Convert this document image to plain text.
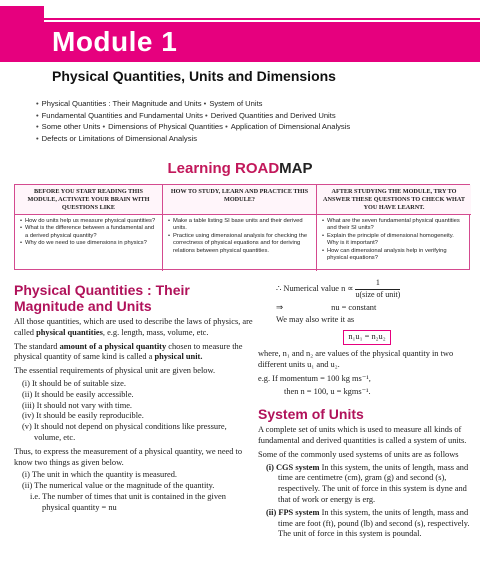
Module 1
Physical Quantities, Units and Dimensions
• Physical Quantities : Their Magnitude and Units • System of Units
• Fundamental Quantities and Fundamental Units • Derived Quantities and Derived Units
• Some other Units • Dimensions of Physical Quantities • Application of Dimensional Analysis
• Defects or Limitations of Dimensional Analysis
Learning ROADMAP
BEFORE YOU START READING THIS MODULE, ACTIVATE YOUR BRAIN WITH QUESTIONS LIKE
• How do units help us measure physical quantities?
• What is the difference between a fundamental and a derived physical quantity?
• Why do we need to use dimensions in physics?
HOW TO STUDY, LEARN AND PRACTICE THIS MODULE?
• Make a table listing SI base units and their derived units.
• Practice using dimensional analysis for checking the correctness of physical equations and for deriving relations between physical quantities.
AFTER STUDYING THE MODULE, TRY TO ANSWER THESE QUESTIONS TO CHECK WHAT YOU HAVE LEARNT.
• What are the seven fundamental physical quantities and their SI units?
• Explain the principle of dimensional homogeneity. Why is it important?
• How can dimensional analysis help in verifying physical equations?
Physical Quantities : Their Magnitude and Units

All those quantities, which are used to describe the laws of physics, are called physical quantities, e.g. length, mass, volume, etc.

The standard amount of a physical quantity chosen to measure the physical quantity of same kind is called a physical unit.

The essential requirements of physical unit are given below.

(i) It should be of suitable size.
(ii) It should be easily accessible.
(iii) It should not vary with time.
(iv) It should be easily reproducible.
(v) It should not depend on physical conditions like pressure, volume, etc.

Thus, to express the measurement of a physical quantity, we need to know two things as given below.

(i) The unit in which the quantity is measured.
(ii) The numerical value or the magnitude of the quantity.
i.e. The number of times that unit is contained in the given physical quantity = nu
∴ Numerical value $n \propto \frac{1}{\text{u(size of unit)}}$
⇒	nu = constant

We may also write it as

n₁u₁ = n₂u₂

where, n₁ and n₂ are values of the physical quantity in two different units u₁ and u₂.

e.g. If momentum = 100 kg ms⁻¹,

then n = 100, u = kgms⁻¹.

System of Units

A complete set of units which is used to measure all kinds of fundamental and derived quantities is called a system of units.

Some of the commonly used systems of units are as follows

(i) CGS system In this system, the units of length, mass and time are centimetre (cm), gram (g) and second (s), respectively. The unit of force in this system is dyne and that of work or energy is erg.

(ii) FPS system In this system, the units of length, mass and time are foot (ft), pound (lb) and second (s), respectively. The unit of force in this system is poundal.
